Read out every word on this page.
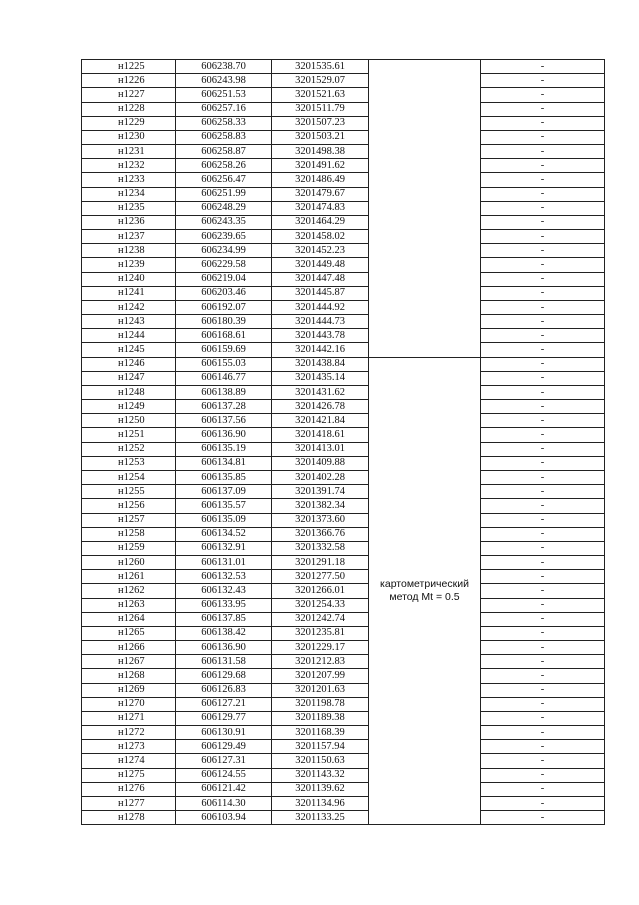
н1225	606238.70	3201535.61		-
н1226	606243.98	3201529.07		-
н1227	606251.53	3201521.63		-
н1228	606257.16	3201511.79		-
н1229	606258.33	3201507.23		-
н1230	606258.83	3201503.21		-
н1231	606258.87	3201498.38		-
н1232	606258.26	3201491.62		-
н1233	606256.47	3201486.49		-
н1234	606251.99	3201479.67		-
н1235	606248.29	3201474.83		-
н1236	606243.35	3201464.29		-
н1237	606239.65	3201458.02		-
н1238	606234.99	3201452.23		-
н1239	606229.58	3201449.48		-
н1240	606219.04	3201447.48		-
н1241	606203.46	3201445.87		-
н1242	606192.07	3201444.92		-
н1243	606180.39	3201444.73		-
н1244	606168.61	3201443.78		-
н1245	606159.69	3201442.16		-
н1246	606155.03	3201438.84	картометрический метод Mt = 0.5	-
н1247	606146.77	3201435.14		-
н1248	606138.89	3201431.62		-
н1249	606137.28	3201426.78		-
н1250	606137.56	3201421.84		-
н1251	606136.90	3201418.61		-
н1252	606135.19	3201413.01		-
н1253	606134.81	3201409.88		-
н1254	606135.85	3201402.28		-
н1255	606137.09	3201391.74		-
н1256	606135.57	3201382.34		-
н1257	606135.09	3201373.60		-
н1258	606134.52	3201366.76		-
н1259	606132.91	3201332.58		-
н1260	606131.01	3201291.18		-
н1261	606132.53	3201277.50		-
н1262	606132.43	3201266.01		-
н1263	606133.95	3201254.33		-
н1264	606137.85	3201242.74		-
н1265	606138.42	3201235.81		-
н1266	606136.90	3201229.17		-
н1267	606131.58	3201212.83		-
н1268	606129.68	3201207.99		-
н1269	606126.83	3201201.63		-
н1270	606127.21	3201198.78		-
н1271	606129.77	3201189.38		-
н1272	606130.91	3201168.39		-
н1273	606129.49	3201157.94		-
н1274	606127.31	3201150.63		-
н1275	606124.55	3201143.32		-
н1276	606121.42	3201139.62		-
н1277	606114.30	3201134.96		-
н1278	606103.94	3201133.25		-
